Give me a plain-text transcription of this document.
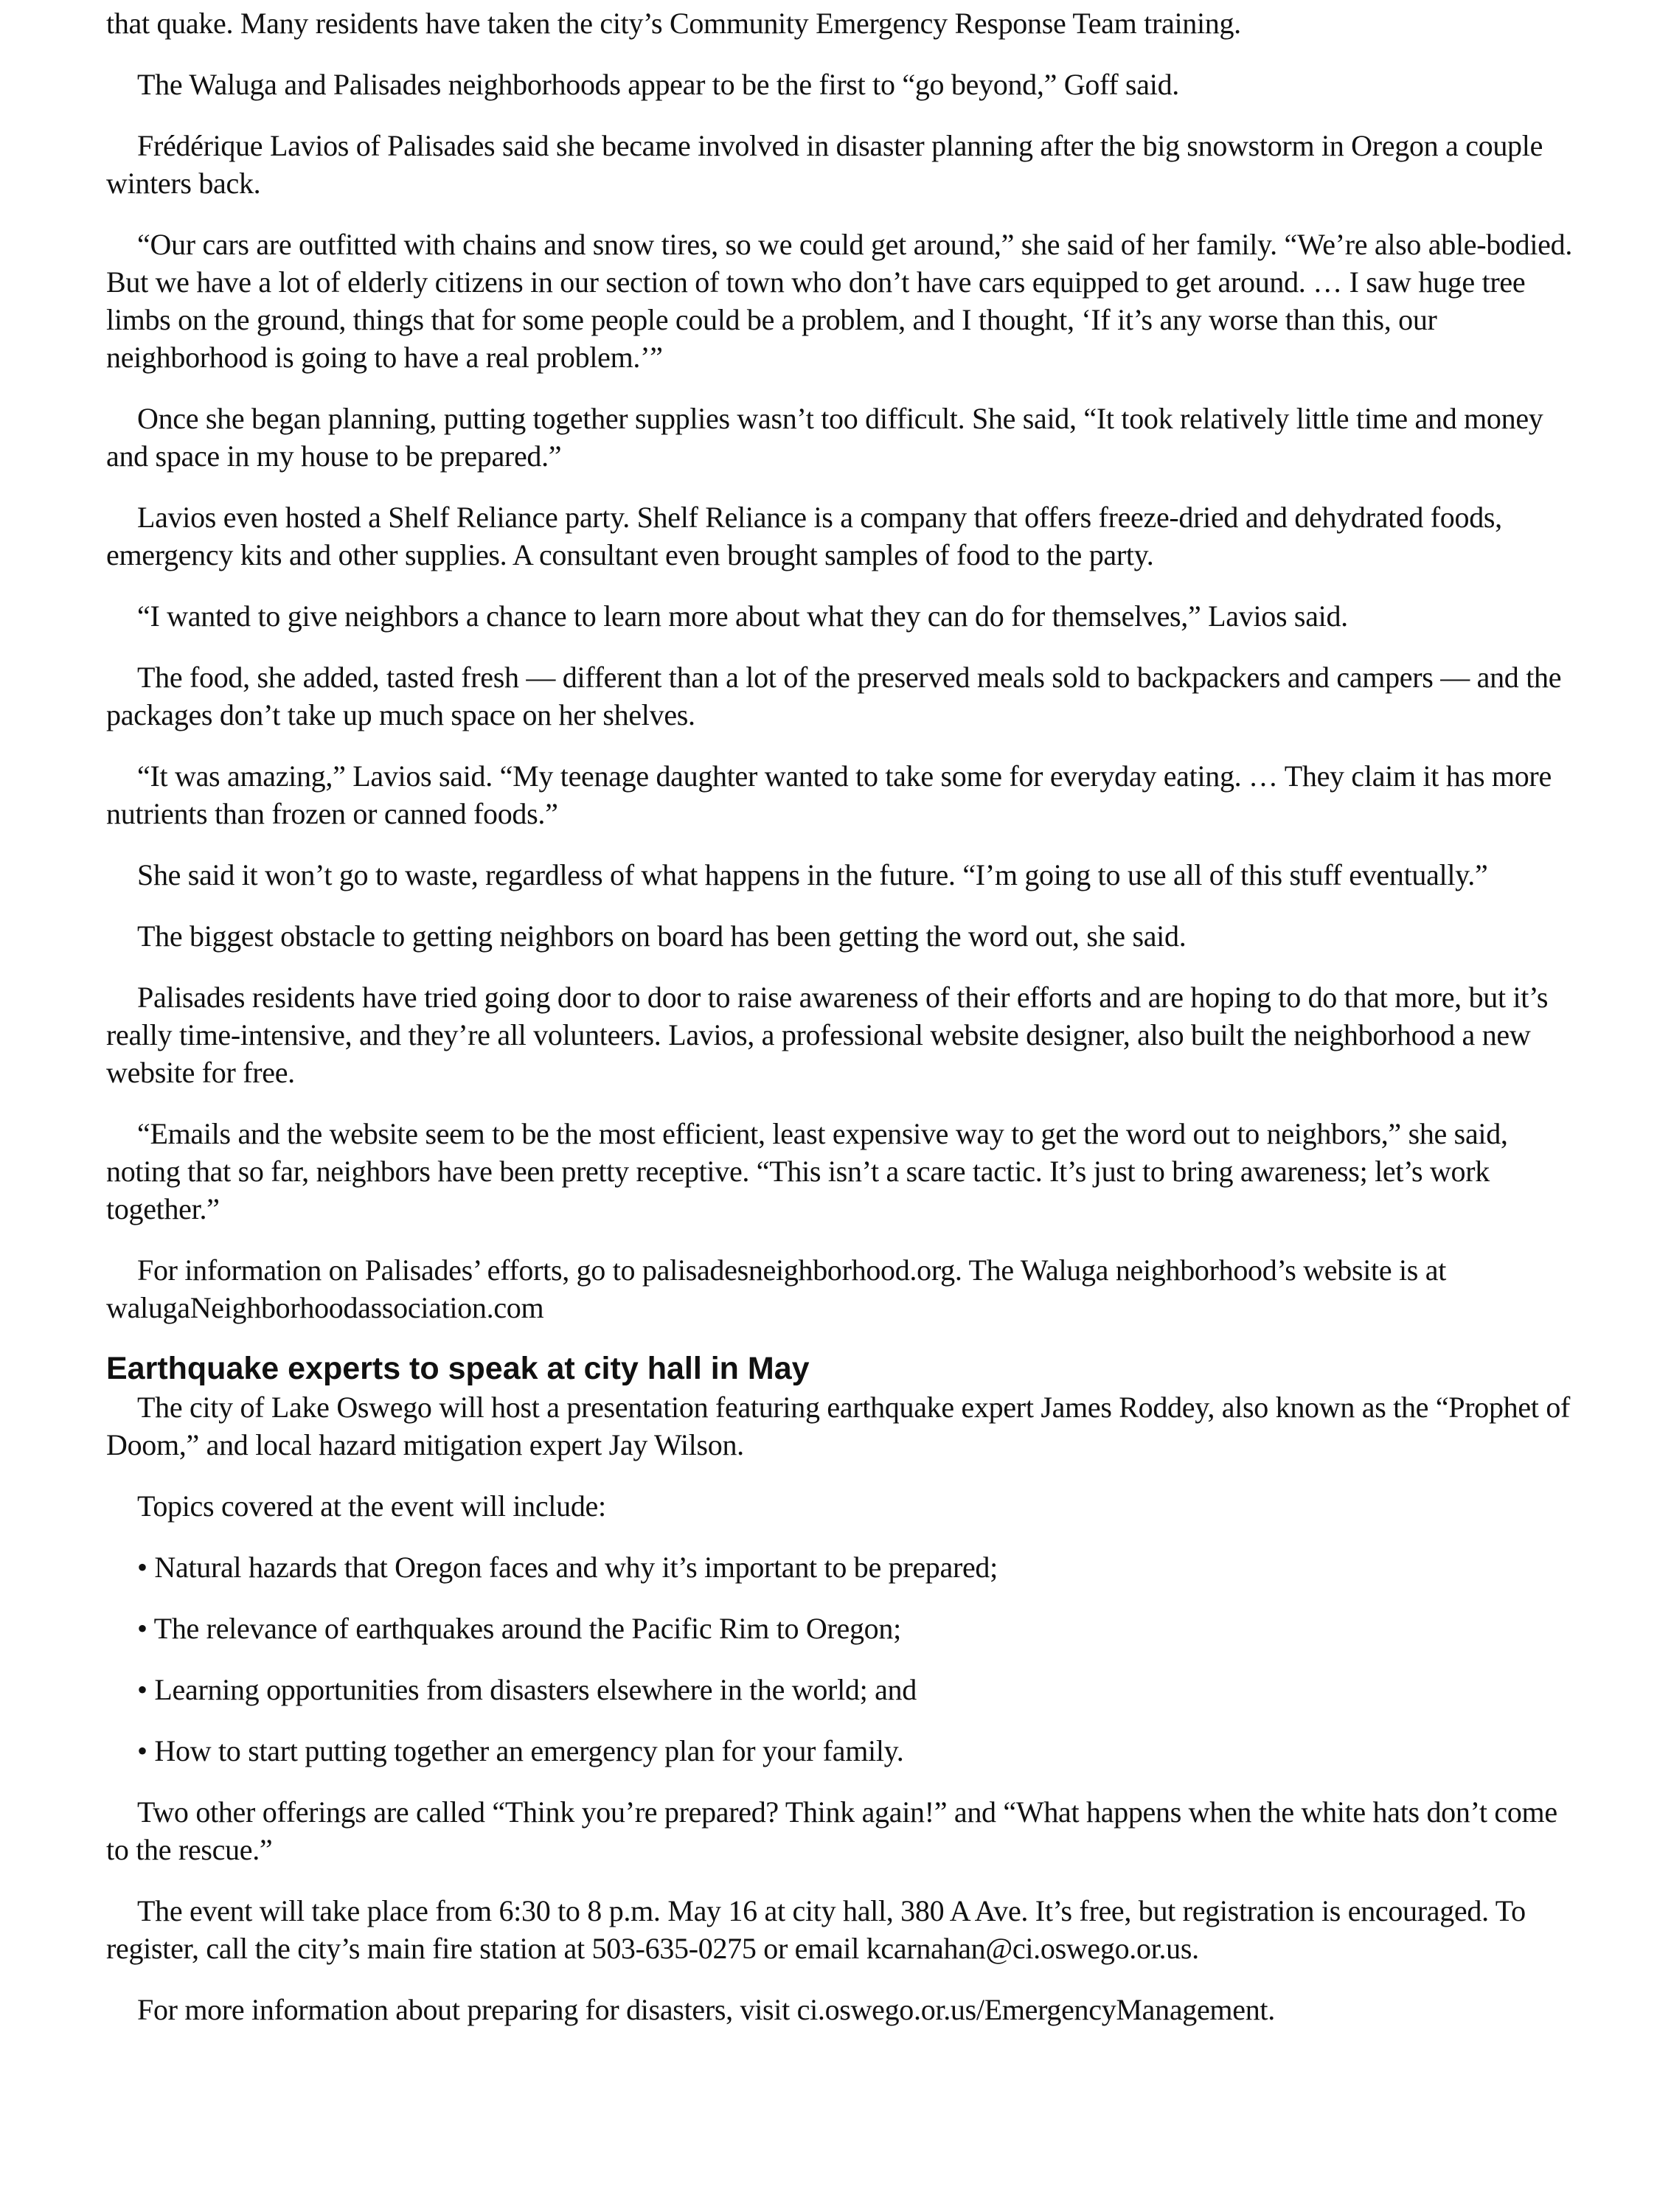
that quake. Many residents have taken the city’s Community Emergency Response Team training.

The Waluga and Palisades neighborhoods appear to be the first to “go beyond,” Goff said.

Frédérique Lavios of Palisades said she became involved in disaster planning after the big snowstorm in Oregon a couple winters back.

“Our cars are outfitted with chains and snow tires, so we could get around,” she said of her family. “We’re also able-bodied. But we have a lot of elderly citizens in our section of town who don’t have cars equipped to get around. … I saw huge tree limbs on the ground, things that for some people could be a problem, and I thought, ‘If it’s any worse than this, our neighborhood is going to have a real problem.’”

Once she began planning, putting together supplies wasn’t too difficult. She said, “It took relatively little time and money and space in my house to be prepared.”

Lavios even hosted a Shelf Reliance party. Shelf Reliance is a company that offers freeze-dried and dehydrated foods, emergency kits and other supplies. A consultant even brought samples of food to the party.

“I wanted to give neighbors a chance to learn more about what they can do for themselves,” Lavios said.

The food, she added, tasted fresh — different than a lot of the preserved meals sold to backpackers and campers — and the packages don’t take up much space on her shelves.

“It was amazing,” Lavios said. “My teenage daughter wanted to take some for everyday eating. … They claim it has more nutrients than frozen or canned foods.”

She said it won’t go to waste, regardless of what happens in the future. “I’m going to use all of this stuff eventually.”

The biggest obstacle to getting neighbors on board has been getting the word out, she said.

Palisades residents have tried going door to door to raise awareness of their efforts and are hoping to do that more, but it’s really time-intensive, and they’re all volunteers. Lavios, a professional website designer, also built the neighborhood a new website for free.

“Emails and the website seem to be the most efficient, least expensive way to get the word out to neighbors,” she said, noting that so far, neighbors have been pretty receptive. “This isn’t a scare tactic. It’s just to bring awareness; let’s work together.”

For information on Palisades’ efforts, go to palisadesneighborhood.org. The Waluga neighborhood’s website is at walugaNeighborhoodassociation.com

Earthquake experts to speak at city hall in May

The city of Lake Oswego will host a presentation featuring earthquake expert James Roddey, also known as the “Prophet of Doom,” and local hazard mitigation expert Jay Wilson.

Topics covered at the event will include:

• Natural hazards that Oregon faces and why it’s important to be prepared;

• The relevance of earthquakes around the Pacific Rim to Oregon;

• Learning opportunities from disasters elsewhere in the world; and

• How to start putting together an emergency plan for your family.

Two other offerings are called “Think you’re prepared? Think again!” and “What happens when the white hats don’t come to the rescue.”

The event will take place from 6:30 to 8 p.m. May 16 at city hall, 380 A Ave. It’s free, but registration is encouraged. To register, call the city’s main fire station at 503-635-0275 or email kcarnahan@ci.oswego.or.us.

For more information about preparing for disasters, visit ci.oswego.or.us/EmergencyManagement.
